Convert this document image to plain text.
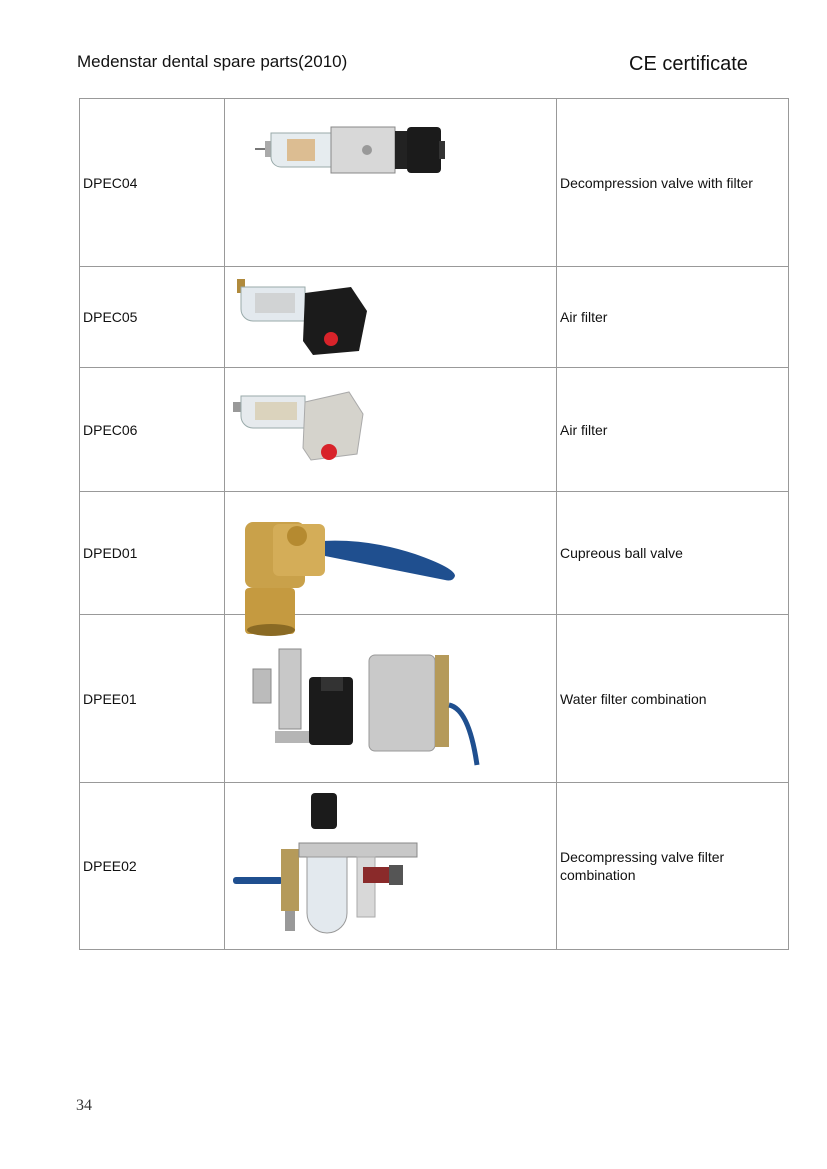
Medenstar dental spare parts(2010)	CE certificate
DPEC04		Decompression valve with filter
DPEC05		Air filter
DPEC06		Air filter
DPED01		Cupreous ball valve
DPEE01		Water filter combination
DPEE02		Decompressing valve filter combination
34
